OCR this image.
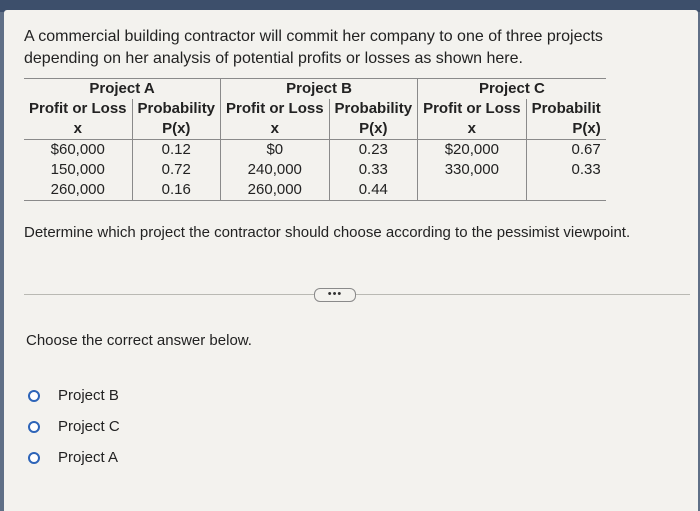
A commercial building contractor will commit her company to one of three projects depending on her analysis of potential profits or losses as shown here.
Project A		Project B		Project C	
Profit or Loss	Probability	Profit or Loss	Probability	Profit or Loss	Probabilit
x	P(x)	x	P(x)	x	P(x)
$60,000	0.12	$0	0.23	$20,000	0.67
150,000	0.72	240,000	0.33	330,000	0.33
260,000	0.16	260,000	0.44		
Determine which project the contractor should choose according to the pessimist viewpoint.
•••
Choose the correct answer below.
Project B
Project C
Project A
